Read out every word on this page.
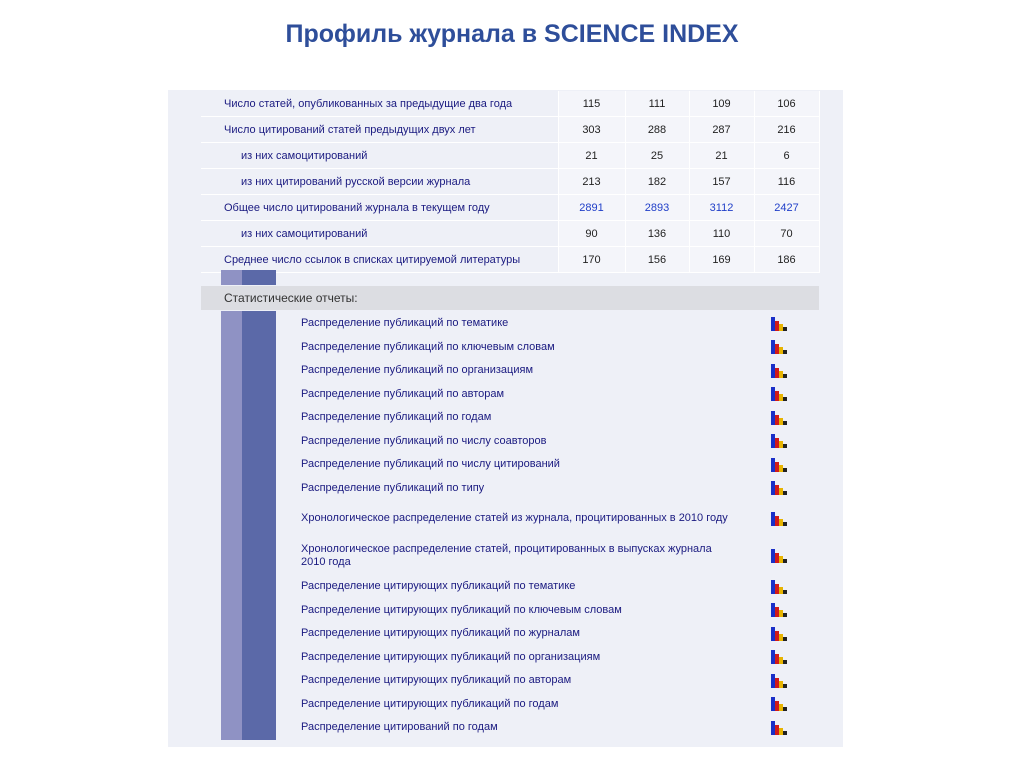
Профиль журнала в SCIENCE INDEX
Число статей, опубликованных за предыдущие два года	115	111	109	106
Число цитирований статей предыдущих двух лет	303	288	287	216
из них самоцитирований	21	25	21	6
из них цитирований русской версии журнала	213	182	157	116
Общее число цитирований журнала в текущем году	2891	2893	3112	2427
из них самоцитирований	90	136	110	70
Среднее число ссылок в списках цитируемой литературы	170	156	169	186
Статистические отчеты:
Распределение публикаций по тематике
Распределение публикаций по ключевым словам
Распределение публикаций по организациям
Распределение публикаций по авторам
Распределение публикаций по годам
Распределение публикаций по числу соавторов
Распределение публикаций по числу цитирований
Распределение публикаций по типу
Хронологическое распределение статей из журнала, процитированных в 2010 году
Хронологическое распределение статей, процитированных в выпусках журнала 2010 года
Распределение цитирующих публикаций по тематике
Распределение цитирующих публикаций по ключевым словам
Распределение цитирующих публикаций по журналам
Распределение цитирующих публикаций по организациям
Распределение цитирующих публикаций по авторам
Распределение цитирующих публикаций по годам
Распределение цитирований по годам
